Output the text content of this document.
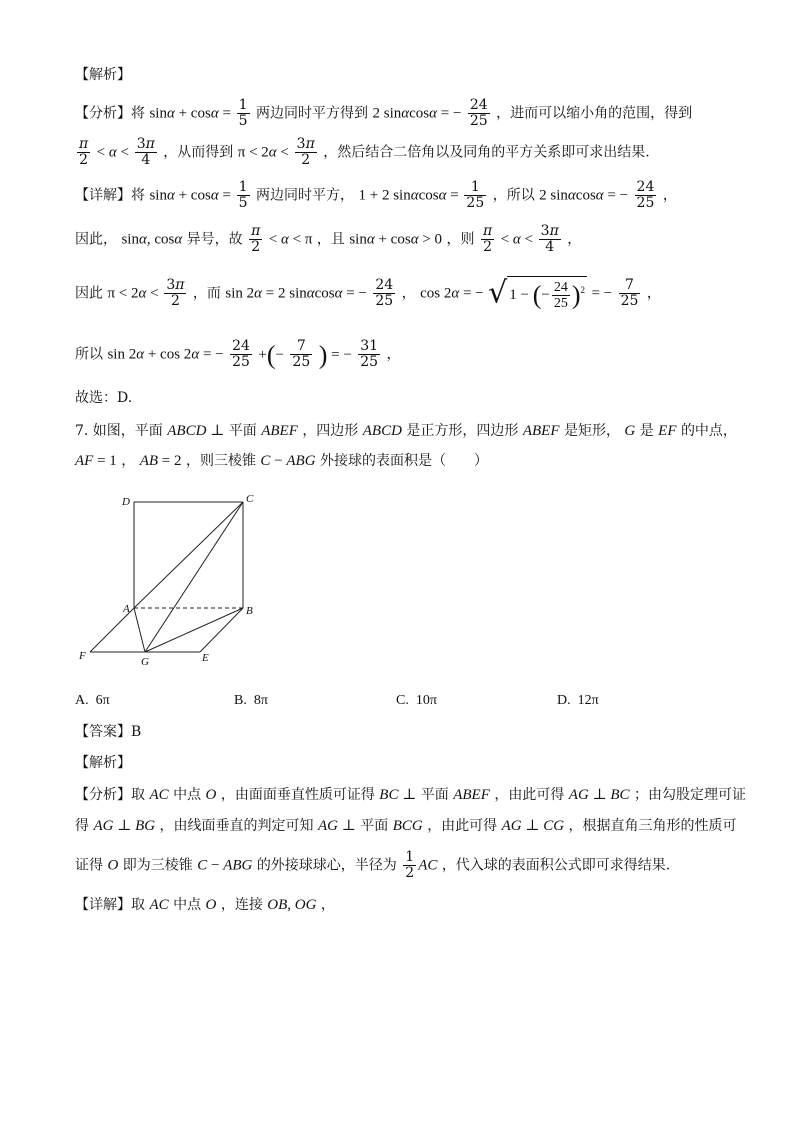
【解析】
【分析】将 $\sin\alpha + \cos\alpha = \frac{1}{5}$ 两边同时平方得到 2 sinαcosα = − $\frac{24}{25}$ ，进而可以缩小角的范围，得到
$\frac{\pi}{2} < \alpha < \frac{3\pi}{4}$ ，从而得到 $\pi < 2\alpha < \frac{3\pi}{2}$ ，然后结合二倍角以及同角的平方关系即可求出结果.
【详解】将 $\sin\alpha + \cos\alpha = \frac{1}{5}$ 两边同时平方， 1 + 2 $\sin\alpha\cos\alpha = \frac{1}{25}$ ，所以 2 sinαcosα = − $\frac{24}{25}$ ，
因此， sinα, cosα 异号，故 $\frac{\pi}{2} < \alpha < \pi$ ，且 sinα + cosα > 0 ，则 $\frac{\pi}{2} < \alpha < \frac{3\pi}{4}$ ，
因此 $\pi < 2\alpha < \frac{3\pi}{2}$ ，而 sin 2α = 2 sinαcosα = − $\frac{24}{25}$ ， cos 2α = − √ 1 − (− $\frac{24}{25} )^2$ = − $\frac{7}{25}$ ，
所以 sin 2α + cos 2α = − $\frac{24}{25}$ +(− $\frac{7}{25}$ ) = − $\frac{31}{25}$ ，
故选：D.
7. 如图，平面 ABCD ⊥ 平面 ABEF ，四边形 ABCD 是正方形，四边形 ABEF 是矩形， G 是 EF 的中点，
AF = 1 ， AB = 2 ，则三棱锥 C − ABG 外接球的表面积是（　　）
D	C
A	B
F	G	E
A. 6π	B. 8π	C. 10π	D. 12π
【答案】B
【解析】
【分析】取 AC 中点 O ，由面面垂直性质可证得 BC ⊥ 平面 ABEF ，由此可得 AG ⊥ BC ；由勾股定理可证
得 AG ⊥ BG ，由线面垂直的判定可知 AG ⊥ 平面 BCG ，由此可得 AG ⊥ CG ，根据直角三角形的性质可
证得 O 即为三棱锥 C − ABG 的外接球球心，半径为 $\frac{1}{2}$ AC ，代入球的表面积公式即可求得结果.
【详解】取 AC 中点 O ，连接 OB, OG ，
